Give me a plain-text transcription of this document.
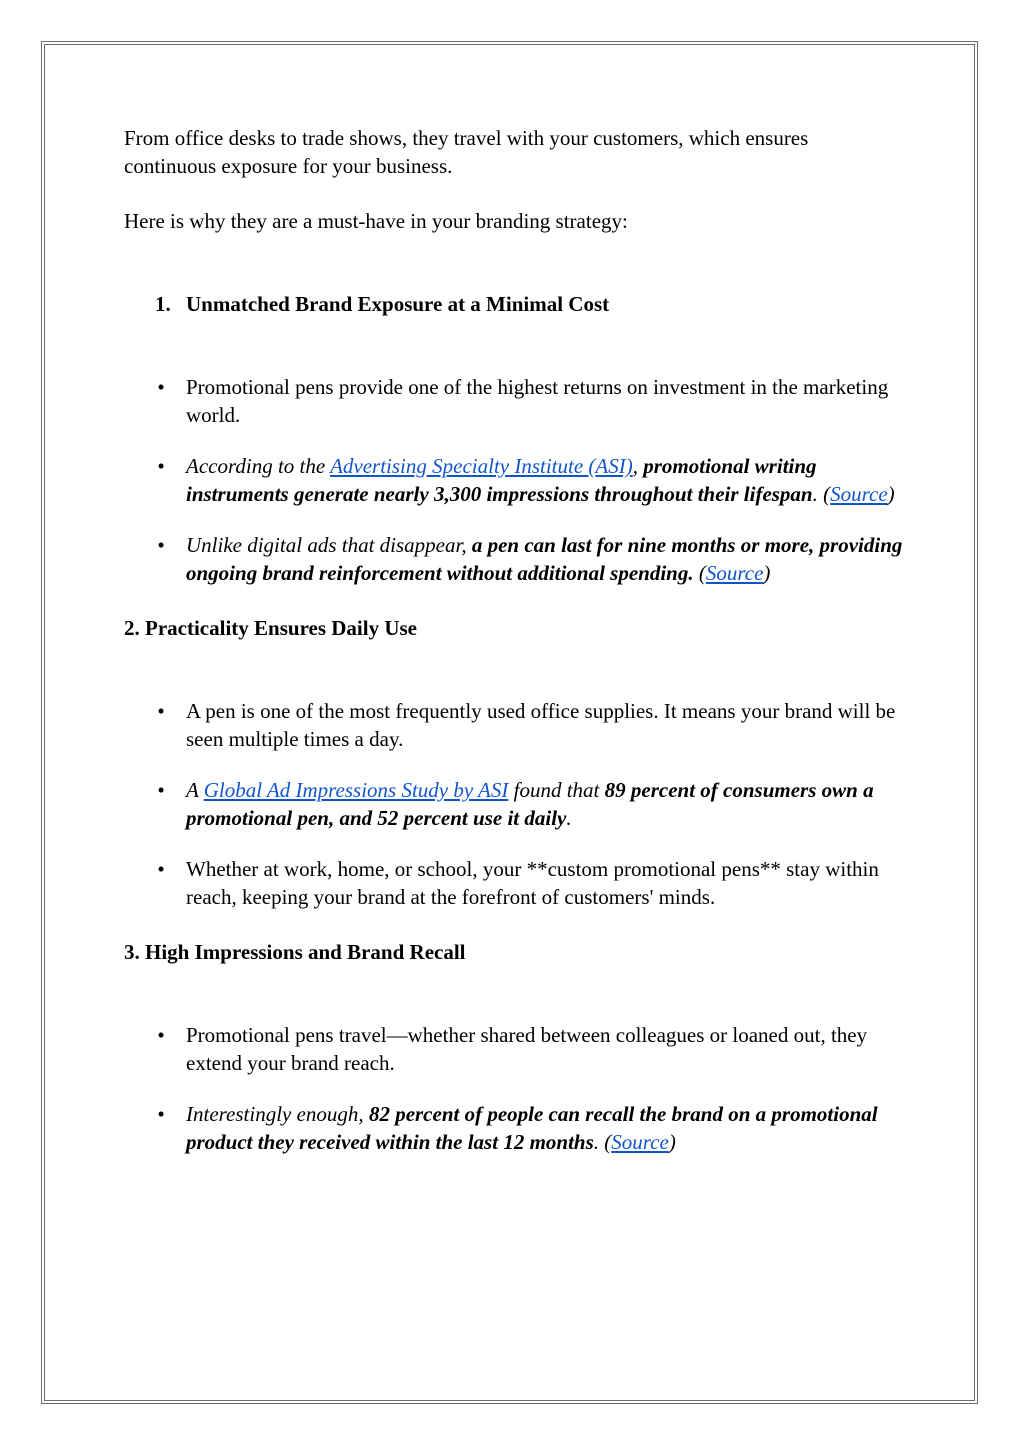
From office desks to trade shows, they travel with your customers, which ensures continuous exposure for your business.

Here is why they are a must-have in your branding strategy:

1. Unmatched Brand Exposure at a Minimal Cost

• Promotional pens provide one of the highest returns on investment in the marketing world.
• According to the Advertising Specialty Institute (ASI), promotional writing instruments generate nearly 3,300 impressions throughout their lifespan. (Source)
• Unlike digital ads that disappear, a pen can last for nine months or more, providing ongoing brand reinforcement without additional spending. (Source)

2. Practicality Ensures Daily Use

• A pen is one of the most frequently used office supplies. It means your brand will be seen multiple times a day.
• A Global Ad Impressions Study by ASI found that 89 percent of consumers own a promotional pen, and 52 percent use it daily.
• Whether at work, home, or school, your **custom promotional pens** stay within reach, keeping your brand at the forefront of customers' minds.

3. High Impressions and Brand Recall

• Promotional pens travel—whether shared between colleagues or loaned out, they extend your brand reach.
• Interestingly enough, 82 percent of people can recall the brand on a promotional product they received within the last 12 months. (Source)
